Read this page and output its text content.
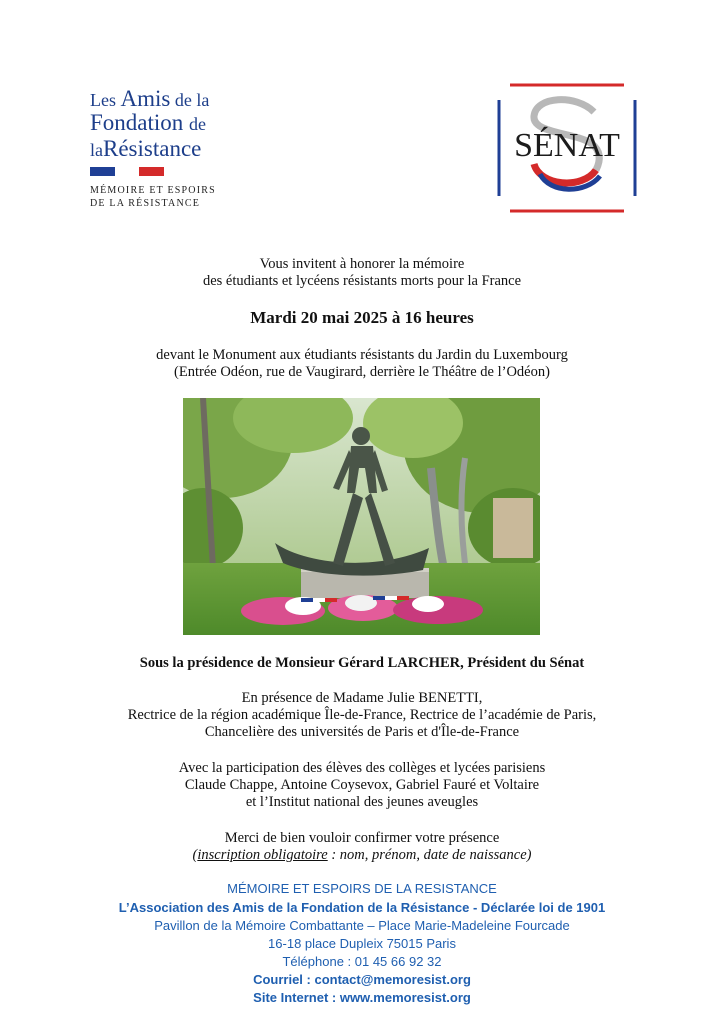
Les Amis de la
Fondation de
laRésistance
MÉMOIRE ET ESPOIRS
DE LA RÉSISTANCE
SÉNAT
Vous invitent à honorer la mémoire
des étudiants et lycéens résistants morts pour la France
Mardi 20 mai 2025 à 16 heures
devant le Monument aux étudiants résistants du Jardin du Luxembourg
(Entrée Odéon, rue de Vaugirard, derrière le Théâtre de l’Odéon)
Sous la présidence de Monsieur Gérard LARCHER, Président du Sénat
En présence de Madame Julie BENETTI,
Rectrice de la région académique Île-de-France, Rectrice de l’académie de Paris,
Chancelière des universités de Paris et d'Île-de-France
Avec la participation des élèves des collèges et lycées parisiens
Claude Chappe, Antoine Coysevox, Gabriel Fauré et Voltaire
et l’Institut national des jeunes aveugles
Merci de bien vouloir confirmer votre présence
(inscription obligatoire : nom, prénom, date de naissance)
MÉMOIRE ET ESPOIRS DE LA RESISTANCE
L’Association des Amis de la Fondation de la Résistance - Déclarée loi de 1901
Pavillon de la Mémoire Combattante – Place Marie-Madeleine Fourcade
16-18 place Dupleix 75015 Paris
Téléphone : 01 45 66 92 32
Courriel : contact@memoresist.org
Site Internet : www.memoresist.org
